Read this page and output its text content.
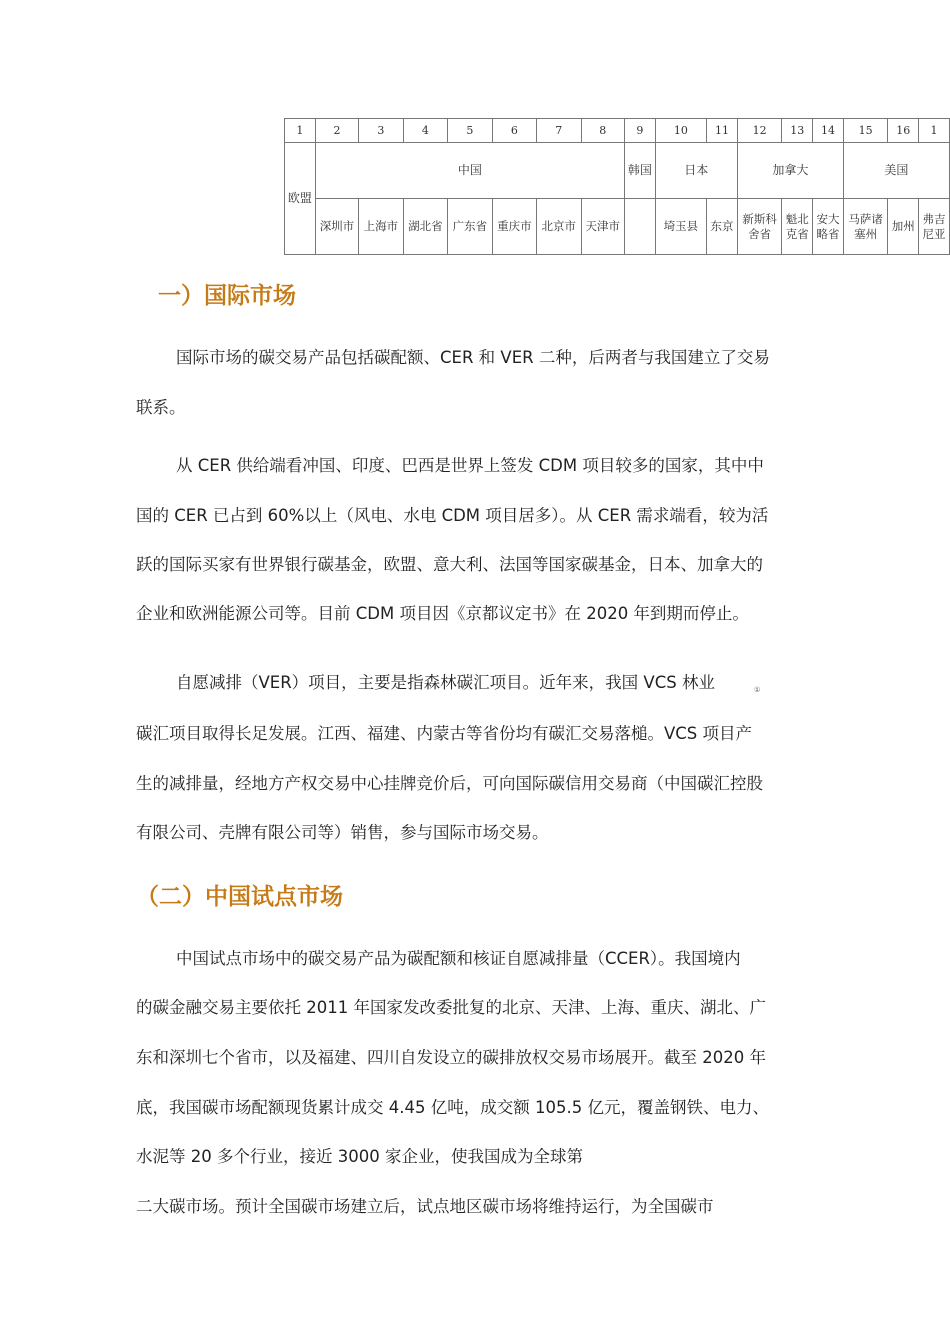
1	2	3	4	5	6	7	8	9	10	11	12	13	14	15	16	1
欧盟	中国							韩国	日本		加拿大			美国		
	深圳市	上海市	湖北省	广东省	重庆市	北京市	天津市		埼玉县	东京	新斯科舍省	魁北克省	安大略省	马萨诸塞州	加州	弗吉尼亚
一）国际市场
国际市场的碳交易产品包括碳配额、CER 和 VER 二种，后两者与我国建立了交易
联系。
从 CER 供给端看冲国、印度、巴西是世界上签发 CDM 项目较多的国家，其中中
国的 CER 已占到 60%以上（风电、水电 CDM 项目居多）。从 CER 需求端看，较为活
跃的国际买家有世界银行碳基金，欧盟、意大利、法国等国家碳基金，日本、加拿大的
企业和欧洲能源公司等。目前 CDM 项目因《京都议定书》在 2020 年到期而停止。
自愿减排（VER）项目，主要是指森林碳汇项目。近年来，我国 VCS 林业	①
碳汇项目取得长足发展。江西、福建、内蒙古等省份均有碳汇交易落槌。VCS 项目产
生的减排量，经地方产权交易中心挂牌竞价后，可向国际碳信用交易商（中国碳汇控股
有限公司、壳牌有限公司等）销售，参与国际市场交易。
（二）中国试点市场
中国试点市场中的碳交易产品为碳配额和核证自愿减排量（CCER）。我国境内
的碳金融交易主要依托 2011 年国家发改委批复的北京、天津、上海、重庆、湖北、广
东和深圳七个省市，以及福建、四川自发设立的碳排放权交易市场展开。截至 2020 年
底，我国碳市场配额现货累计成交 4.45 亿吨，成交额 105.5 亿元，覆盖钢铁、电力、
水泥等 20 多个行业，接近 3000 家企业，使我国成为全球第
二大碳市场。预计全国碳市场建立后，试点地区碳市场将维持运行，为全国碳市
